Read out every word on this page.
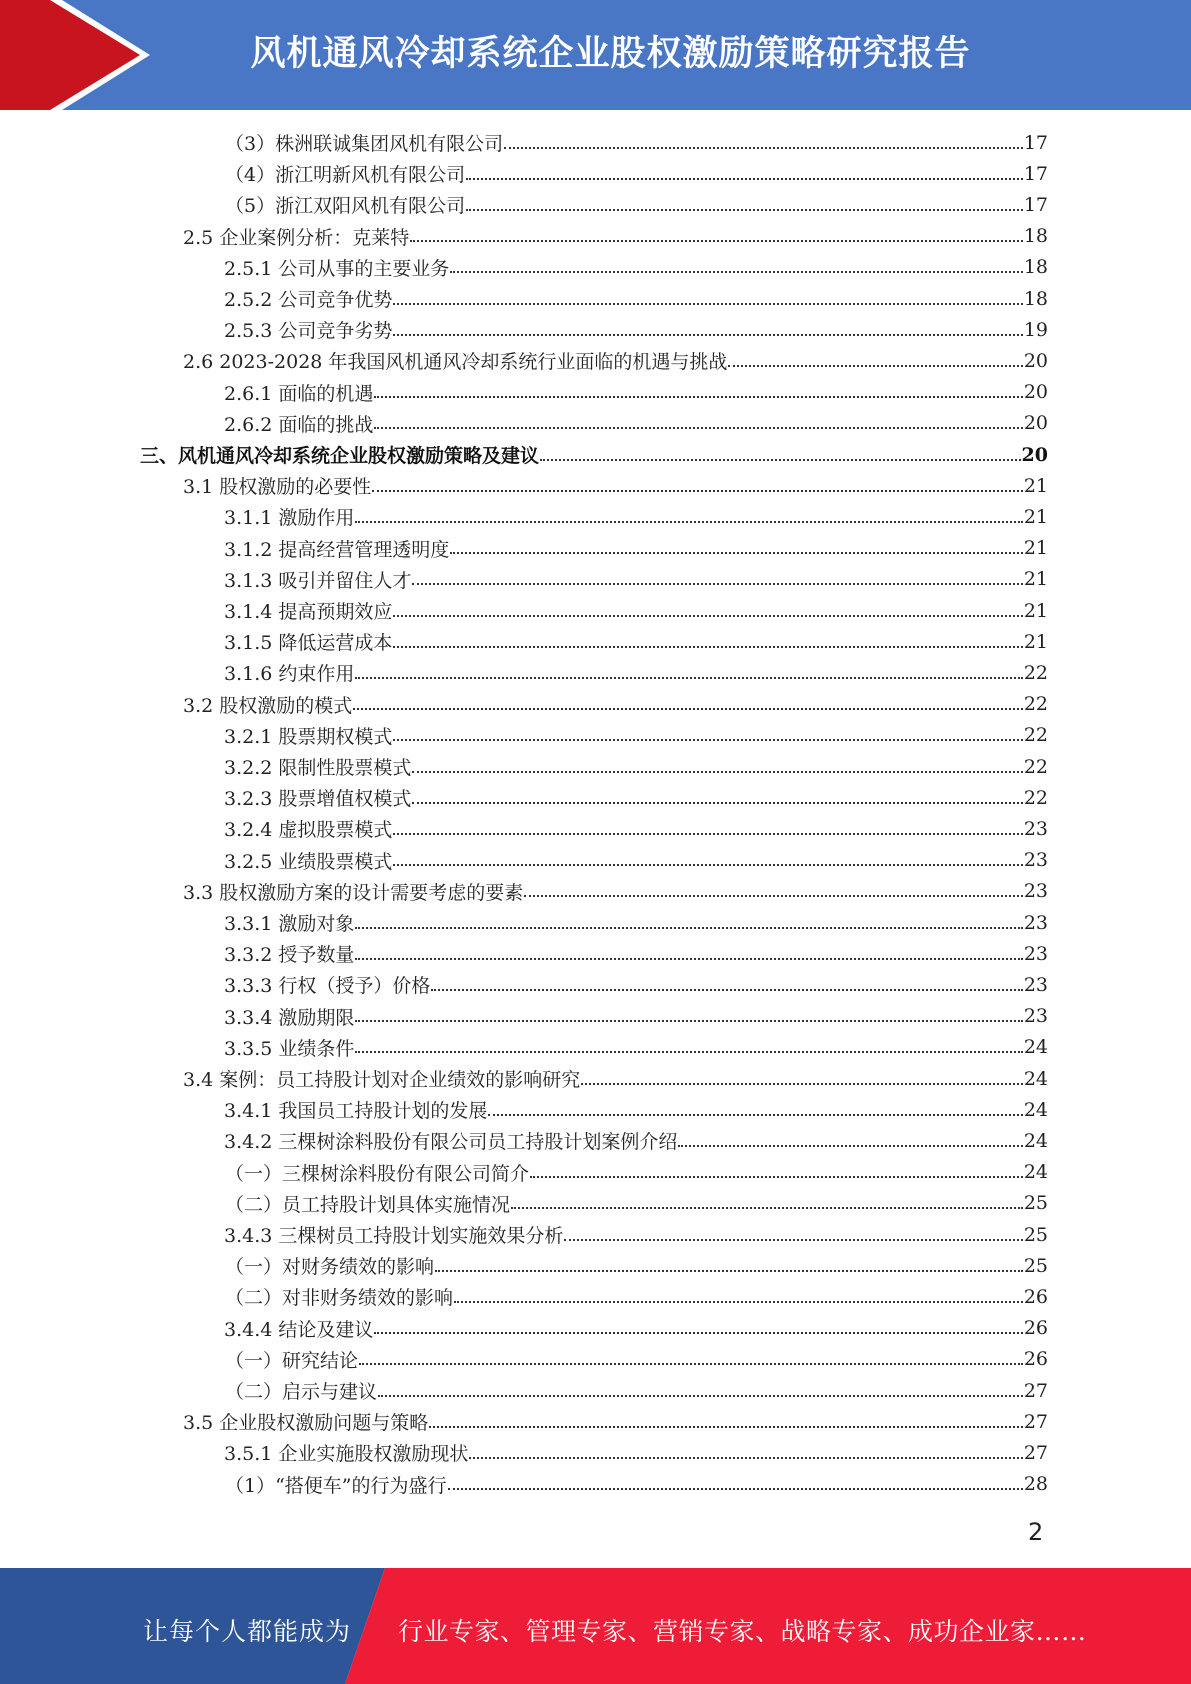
风机通风冷却系统企业股权激励策略研究报告
（3）株洲联诚集团风机有限公司	17
（4）浙江明新风机有限公司	17
（5）浙江双阳风机有限公司	17
2.5 企业案例分析：克莱特	18
2.5.1 公司从事的主要业务	18
2.5.2 公司竞争优势	18
2.5.3 公司竞争劣势	19
2.6 2023-2028 年我国风机通风冷却系统行业面临的机遇与挑战	20
2.6.1 面临的机遇	20
2.6.2 面临的挑战	20
三、风机通风冷却系统企业股权激励策略及建议	20
3.1 股权激励的必要性	21
3.1.1 激励作用	21
3.1.2 提高经营管理透明度	21
3.1.3 吸引并留住人才	21
3.1.4 提高预期效应	21
3.1.5 降低运营成本	21
3.1.6 约束作用	22
3.2 股权激励的模式	22
3.2.1 股票期权模式	22
3.2.2 限制性股票模式	22
3.2.3 股票增值权模式	22
3.2.4 虚拟股票模式	23
3.2.5 业绩股票模式	23
3.3 股权激励方案的设计需要考虑的要素	23
3.3.1 激励对象	23
3.3.2 授予数量	23
3.3.3 行权（授予）价格	23
3.3.4 激励期限	23
3.3.5 业绩条件	24
3.4 案例：员工持股计划对企业绩效的影响研究	24
3.4.1 我国员工持股计划的发展	24
3.4.2 三棵树涂料股份有限公司员工持股计划案例介绍	24
（一）三棵树涂料股份有限公司简介	24
（二）员工持股计划具体实施情况	25
3.4.3 三棵树员工持股计划实施效果分析	25
（一）对财务绩效的影响	25
（二）对非财务绩效的影响	26
3.4.4 结论及建议	26
（一）研究结论	26
（二）启示与建议	27
3.5 企业股权激励问题与策略	27
3.5.1 企业实施股权激励现状	27
（1）“搭便车”的行为盛行	28
2
让每个人都能成为 行业专家、管理专家、营销专家、战略专家、成功企业家……
